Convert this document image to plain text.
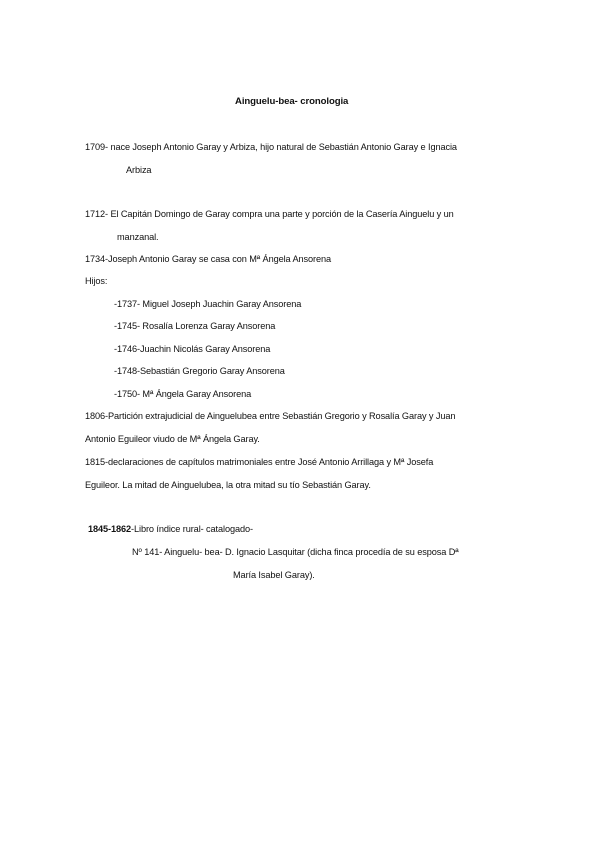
Ainguelu-bea- cronologia
1709- nace Joseph Antonio Garay y Arbiza, hijo natural de Sebastián Antonio Garay e Ignacia
Arbiza
1712- El Capitán Domingo de Garay compra una parte y porción de la Casería Ainguelu y un
manzanal.
1734-Joseph Antonio Garay se casa con Mª Ángela Ansorena
Hijos:
-1737- Miguel Joseph Juachin Garay Ansorena
-1745- Rosalía Lorenza Garay Ansorena
-1746-Juachin Nicolás Garay Ansorena
-1748-Sebastián Gregorio Garay Ansorena
-1750- Mª Ángela Garay Ansorena
1806-Partición extrajudicial de Ainguelubea entre Sebastián Gregorio y Rosalía Garay y Juan
Antonio Eguileor viudo de Mª Ángela Garay.
1815-declaraciones de capítulos matrimoniales entre José Antonio Arrillaga y Mª Josefa
Eguileor. La mitad de Ainguelubea, la otra mitad su tío Sebastián Garay.
1845-1862-Libro índice rural- catalogado-
Nº 141- Ainguelu- bea- D. Ignacio Lasquitar (dicha finca procedía de su esposa Dª
María Isabel Garay).
